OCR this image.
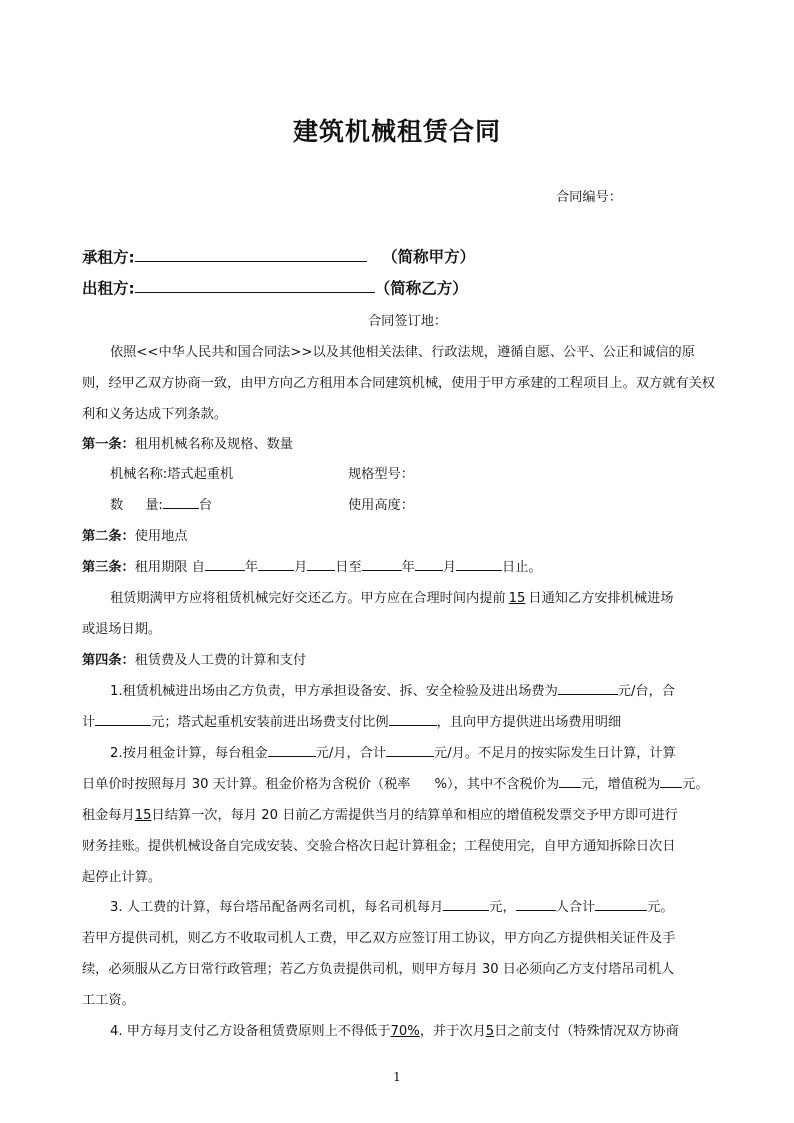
建筑机械租赁合同
合同编号：
承租方:	（简称甲方）
出租方:	（简称乙方）
合同签订地：
依照<<中华人民共和国合同法>>以及其他相关法律、行政法规，遵循自愿、公平、公正和诚信的原
则，经甲乙双方协商一致，由甲方向乙方租用本合同建筑机械，使用于甲方承建的工程项目上。双方就有关权
利和义务达成下列条款。
第一条：租用机械名称及规格、数量
机械名称:塔式起重机	规格型号：
数 量:	台	使用高度：
第二条：使用地点
第三条：租用期限 自	年	月 日至	年 月	日止。
租赁期满甲方应将租赁机械完好交还乙方。甲方应在合理时间内提前 15 日通知乙方安排机械进场
或退场日期。
第四条：租赁费及人工费的计算和支付
1.租赁机械进出场由乙方负责，甲方承担设备安、拆、安全检验及进出场费为	元/台，合
计	元；塔式起重机安装前进出场费支付比例	，且向甲方提供进出场费用明细
2.按月租金计算，每台租金	元/月，合计	元/月。不足月的按实际发生日计算，计算
日单价时按照每月 30 天计算。租金价格为含税价（税率 %），其中不含税价为 元，增值税为 元。
租金每月15日结算一次，每月 20 日前乙方需提供当月的结算单和相应的增值税发票交予甲方即可进行
财务挂账。提供机械设备自完成安装、交验合格次日起计算租金；工程使用完，自甲方通知拆除日次日
起停止计算。
3. 人工费的计算，每台塔吊配备两名司机，每名司机每月	元，	人合计	元。
若甲方提供司机，则乙方不收取司机人工费，甲乙双方应签订用工协议，甲方向乙方提供相关证件及手
续，必须服从乙方日常行政管理；若乙方负责提供司机，则甲方每月 30 日必须向乙方支付塔吊司机人
工工资。
4. 甲方每月支付乙方设备租赁费原则上不得低于70%，并于次月5日之前支付（特殊情况双方协商
1
